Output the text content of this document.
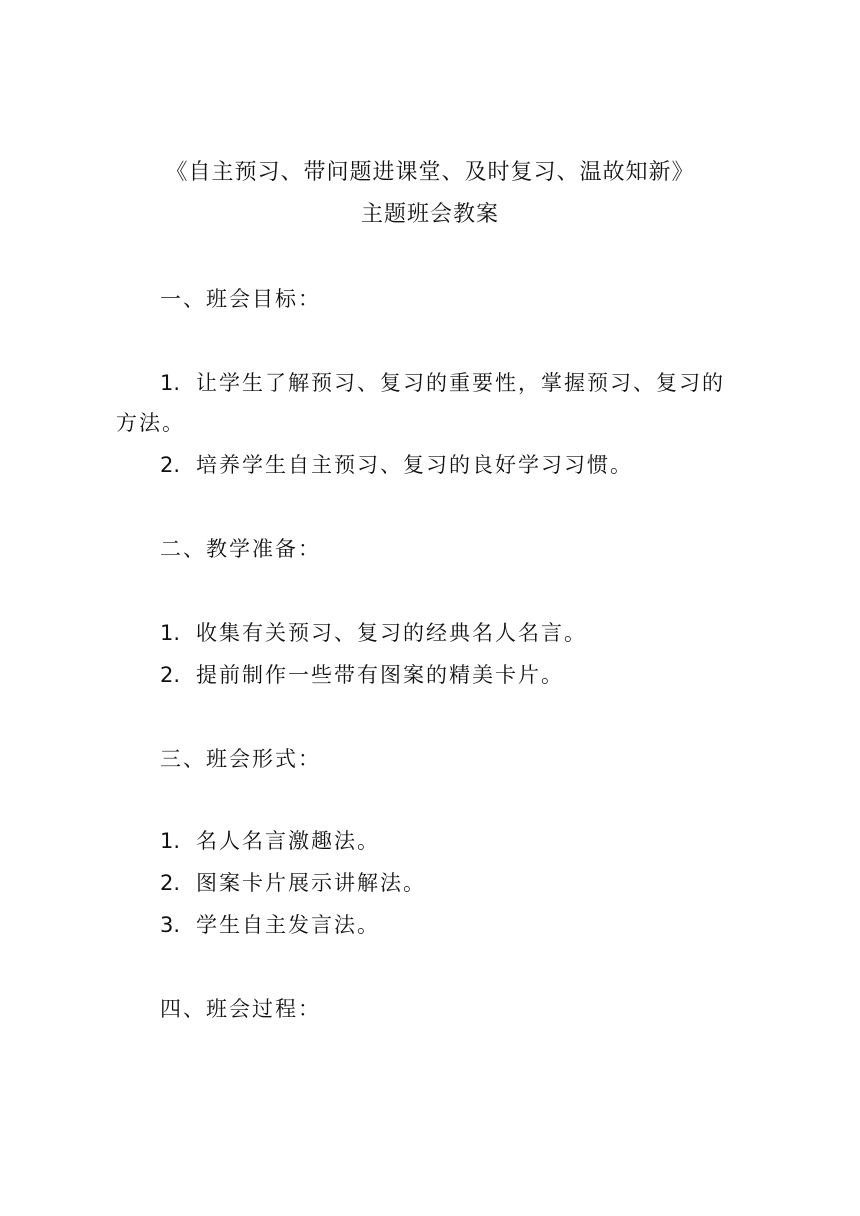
《自主预习、带问题进课堂、及时复习、温故知新》
主题班会教案
一、班会目标：
1. 让学生了解预习、复习的重要性，掌握预习、复习的
方法。
2. 培养学生自主预习、复习的良好学习习惯。
二、教学准备：
1. 收集有关预习、复习的经典名人名言。
2. 提前制作一些带有图案的精美卡片。
三、班会形式：
1. 名人名言激趣法。
2. 图案卡片展示讲解法。
3. 学生自主发言法。
四、班会过程：
